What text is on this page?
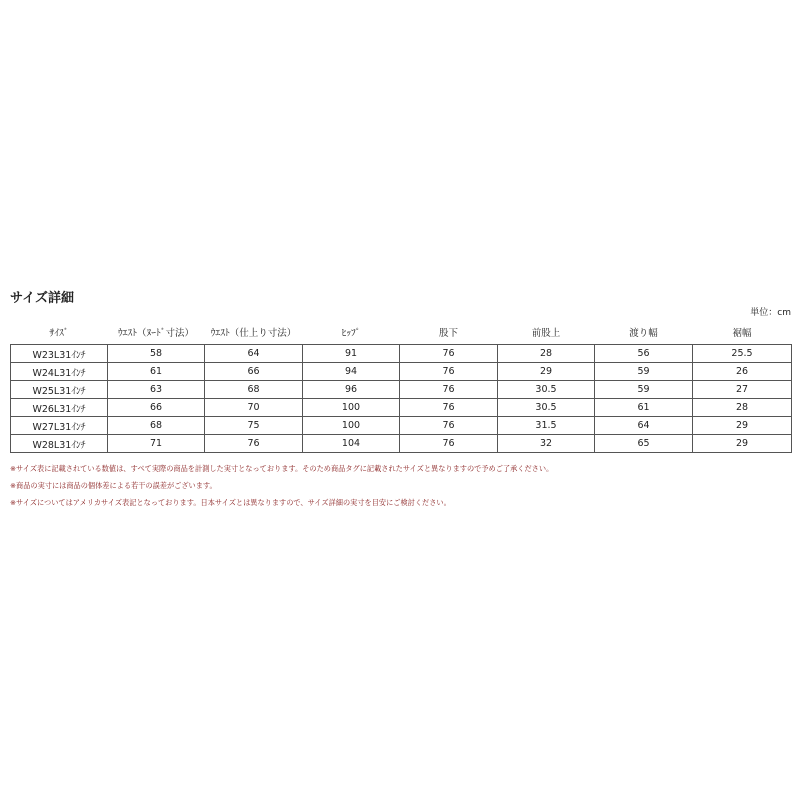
サイズ詳細
単位：cm
ｻｲｽﾞ	ｳｴｽﾄ（ﾇｰﾄﾞ寸法）	ｳｴｽﾄ（仕上り寸法）	ﾋｯﾌﾟ	股下	前股上	渡り幅	裾幅
W23L31ｲﾝﾁ	58	64	91	76	28	56	25.5
W24L31ｲﾝﾁ	61	66	94	76	29	59	26
W25L31ｲﾝﾁ	63	68	96	76	30.5	59	27
W26L31ｲﾝﾁ	66	70	100	76	30.5	61	28
W27L31ｲﾝﾁ	68	75	100	76	31.5	64	29
W28L31ｲﾝﾁ	71	76	104	76	32	65	29
※サイズ表に記載されている数値は、すべて実際の商品を計測した実寸となっております。そのため商品タグに記載されたサイズと異なりますので予めご了承ください。
※商品の実寸には商品の個体差による若干の誤差がございます。
※サイズについてはアメリカサイズ表記となっております。日本サイズとは異なりますので、サイズ詳細の実寸を目安にご検討ください。
